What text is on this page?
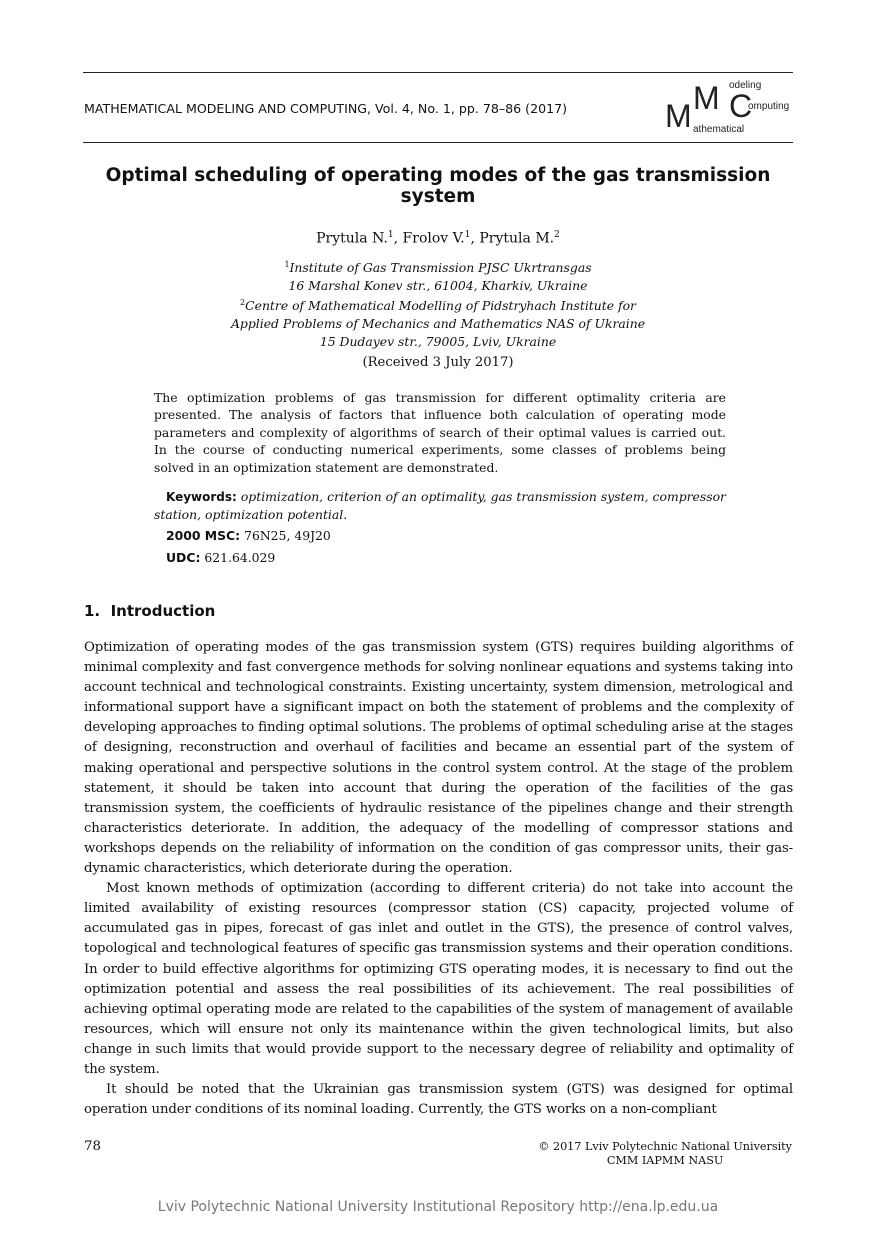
MATHEMATICAL MODELING AND COMPUTING, Vol. 4, No. 1, pp. 78–86 (2017)	M M C
odeling
omputing
athematical
Optimal scheduling of operating modes of the gas transmission system
Prytula N.$^1$, Frolov V.$^1$, Prytula M.$^2$
$^1$Institute of Gas Transmission PJSC Ukrtransgas
16 Marshal Konev str., 61004, Kharkiv, Ukraine
$^2$Centre of Mathematical Modelling of Pidstryhach Institute for
Applied Problems of Mechanics and Mathematics NAS of Ukraine
15 Dudayev str., 79005, Lviv, Ukraine
(Received 3 July 2017)
The optimization problems of gas transmission for different optimality criteria are presented. The analysis of factors that influence both calculation of operating mode parameters and complexity of algorithms of search of their optimal values is carried out. In the course of conducting numerical experiments, some classes of problems being solved in an optimization statement are demonstrated.
Keywords: optimization, criterion of an optimality, gas transmission system, compressor station, optimization potential.
2000 MSC: 76N25, 49J20
UDC: 621.64.029
1.  Introduction

Optimization of operating modes of the gas transmission system (GTS) requires building algorithms of minimal complexity and fast convergence methods for solving nonlinear equations and systems taking into account technical and technological constraints. Existing uncertainty, system dimension, metrological and informational support have a significant impact on both the statement of problems and the complexity of developing approaches to finding optimal solutions. The problems of optimal scheduling arise at the stages of designing, reconstruction and overhaul of facilities and became an essential part of the system of making operational and perspective solutions in the control system control. At the stage of the problem statement, it should be taken into account that during the operation of the facilities of the gas transmission system, the coefficients of hydraulic resistance of the pipelines change and their strength characteristics deteriorate. In addition, the adequacy of the modelling of compressor stations and workshops depends on the reliability of information on the condition of gas compressor units, their gas-dynamic characteristics, which deteriorate during the operation.

Most known methods of optimization (according to different criteria) do not take into account the limited availability of existing resources (compressor station (CS) capacity, projected volume of accumulated gas in pipes, forecast of gas inlet and outlet in the GTS), the presence of control valves, topological and technological features of specific gas transmission systems and their operation conditions. In order to build effective algorithms for optimizing GTS operating modes, it is necessary to find out the optimization potential and assess the real possibilities of its achievement. The real possibilities of achieving optimal operating mode are related to the capabilities of the system of management of available resources, which will ensure not only its maintenance within the given technological limits, but also change in such limits that would provide support to the necessary degree of reliability and optimality of the system.

It should be noted that the Ukrainian gas transmission system (GTS) was designed for optimal operation under conditions of its nominal loading. Currently, the GTS works on a non-compliant

78	© 2017 Lviv Polytechnic National University
CMM IAPMM NASU
Lviv Polytechnic National University Institutional Repository http://ena.lp.edu.ua
